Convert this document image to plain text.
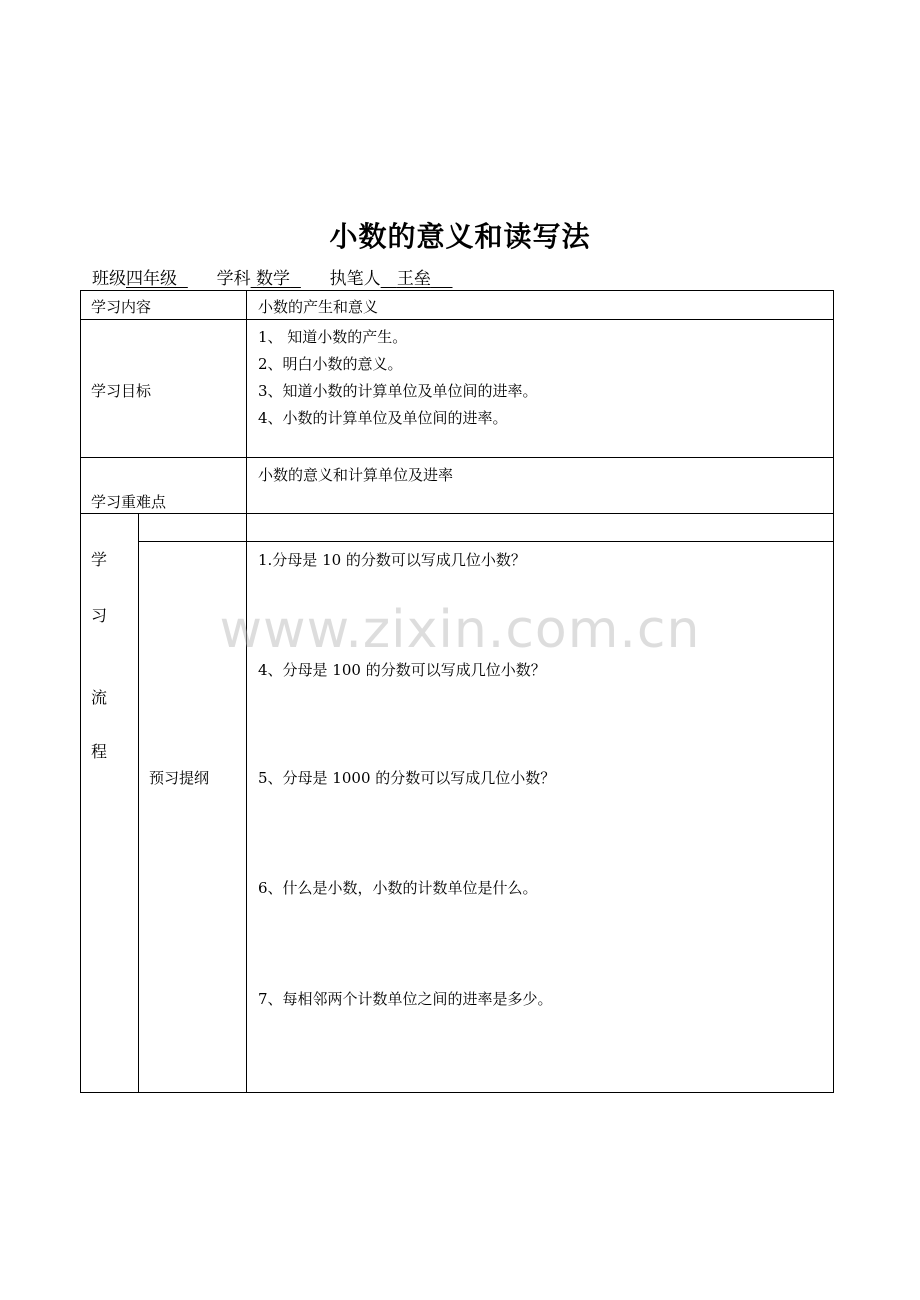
小数的意义和读写法
班级四年级 学科 数学 执笔人 王垒
学习内容	小数的产生和意义
学习目标
1、 知道小数的产生。
2、明白小数的意义。
3、知道小数的计算单位及单位间的进率。
4、小数的计算单位及单位间的进率。
学习重难点
小数的意义和计算单位及进率
学
习
流
程
预习提纲
1.分母是 10 的分数可以写成几位小数？
4、分母是 100 的分数可以写成几位小数？
5、分母是 1000 的分数可以写成几位小数？
6、什么是小数，小数的计数单位是什么。
7、每相邻两个计数单位之间的进率是多少。
www.zixin.com.cn
